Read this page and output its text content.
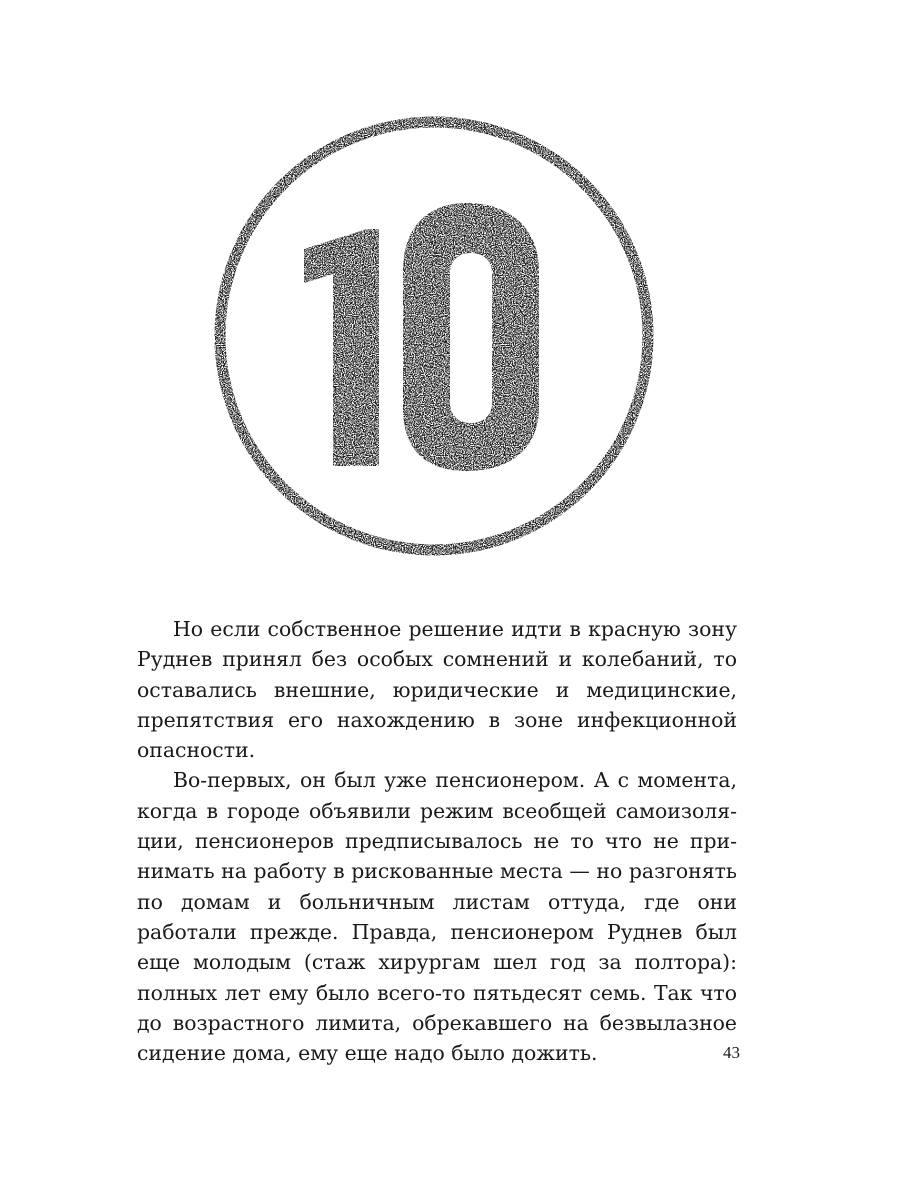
10

Но если собственное решение идти в красную зону Руднев принял без особых сомнений и колебаний, то оставались внешние, юридические и медицинские, препятствия его нахождению в зоне инфекционной опасности.

Во-первых, он был уже пенсионером. А с момента, когда в городе объявили режим всеобщей самоизоляции, пенсионеров предписывалось не то что не принимать на работу в рискованные места — но разгонять по домам и больничным листам оттуда, где они работали прежде. Правда, пенсионером Руднев был еще молодым (стаж хирургам шел год за полтора): полных лет ему было всего-то пятьдесят семь. Так что до возрастного лимита, обрекавшего на безвылазное сидение дома, ему еще надо было дожить.	43
